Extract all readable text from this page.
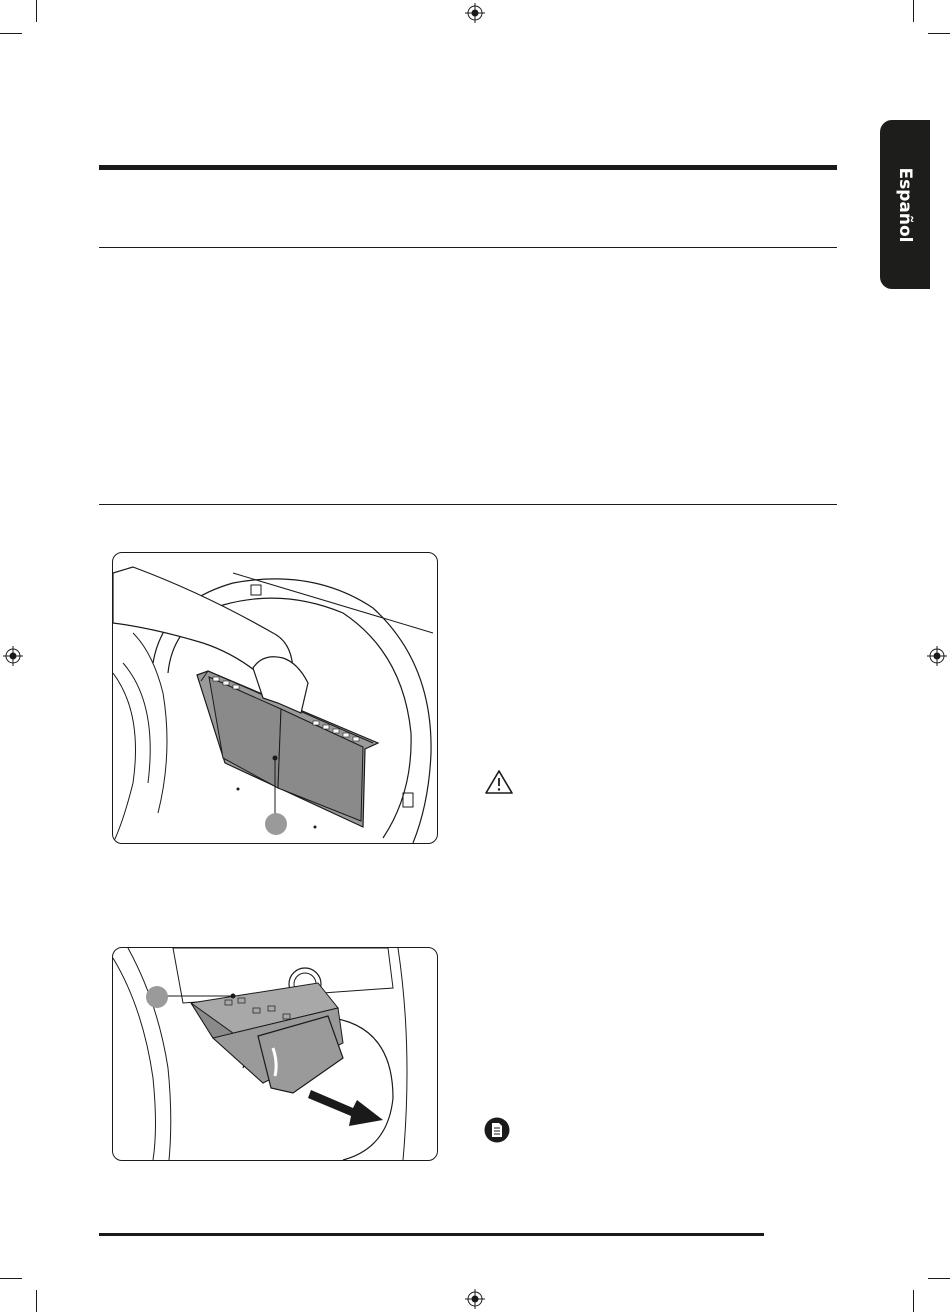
Español
